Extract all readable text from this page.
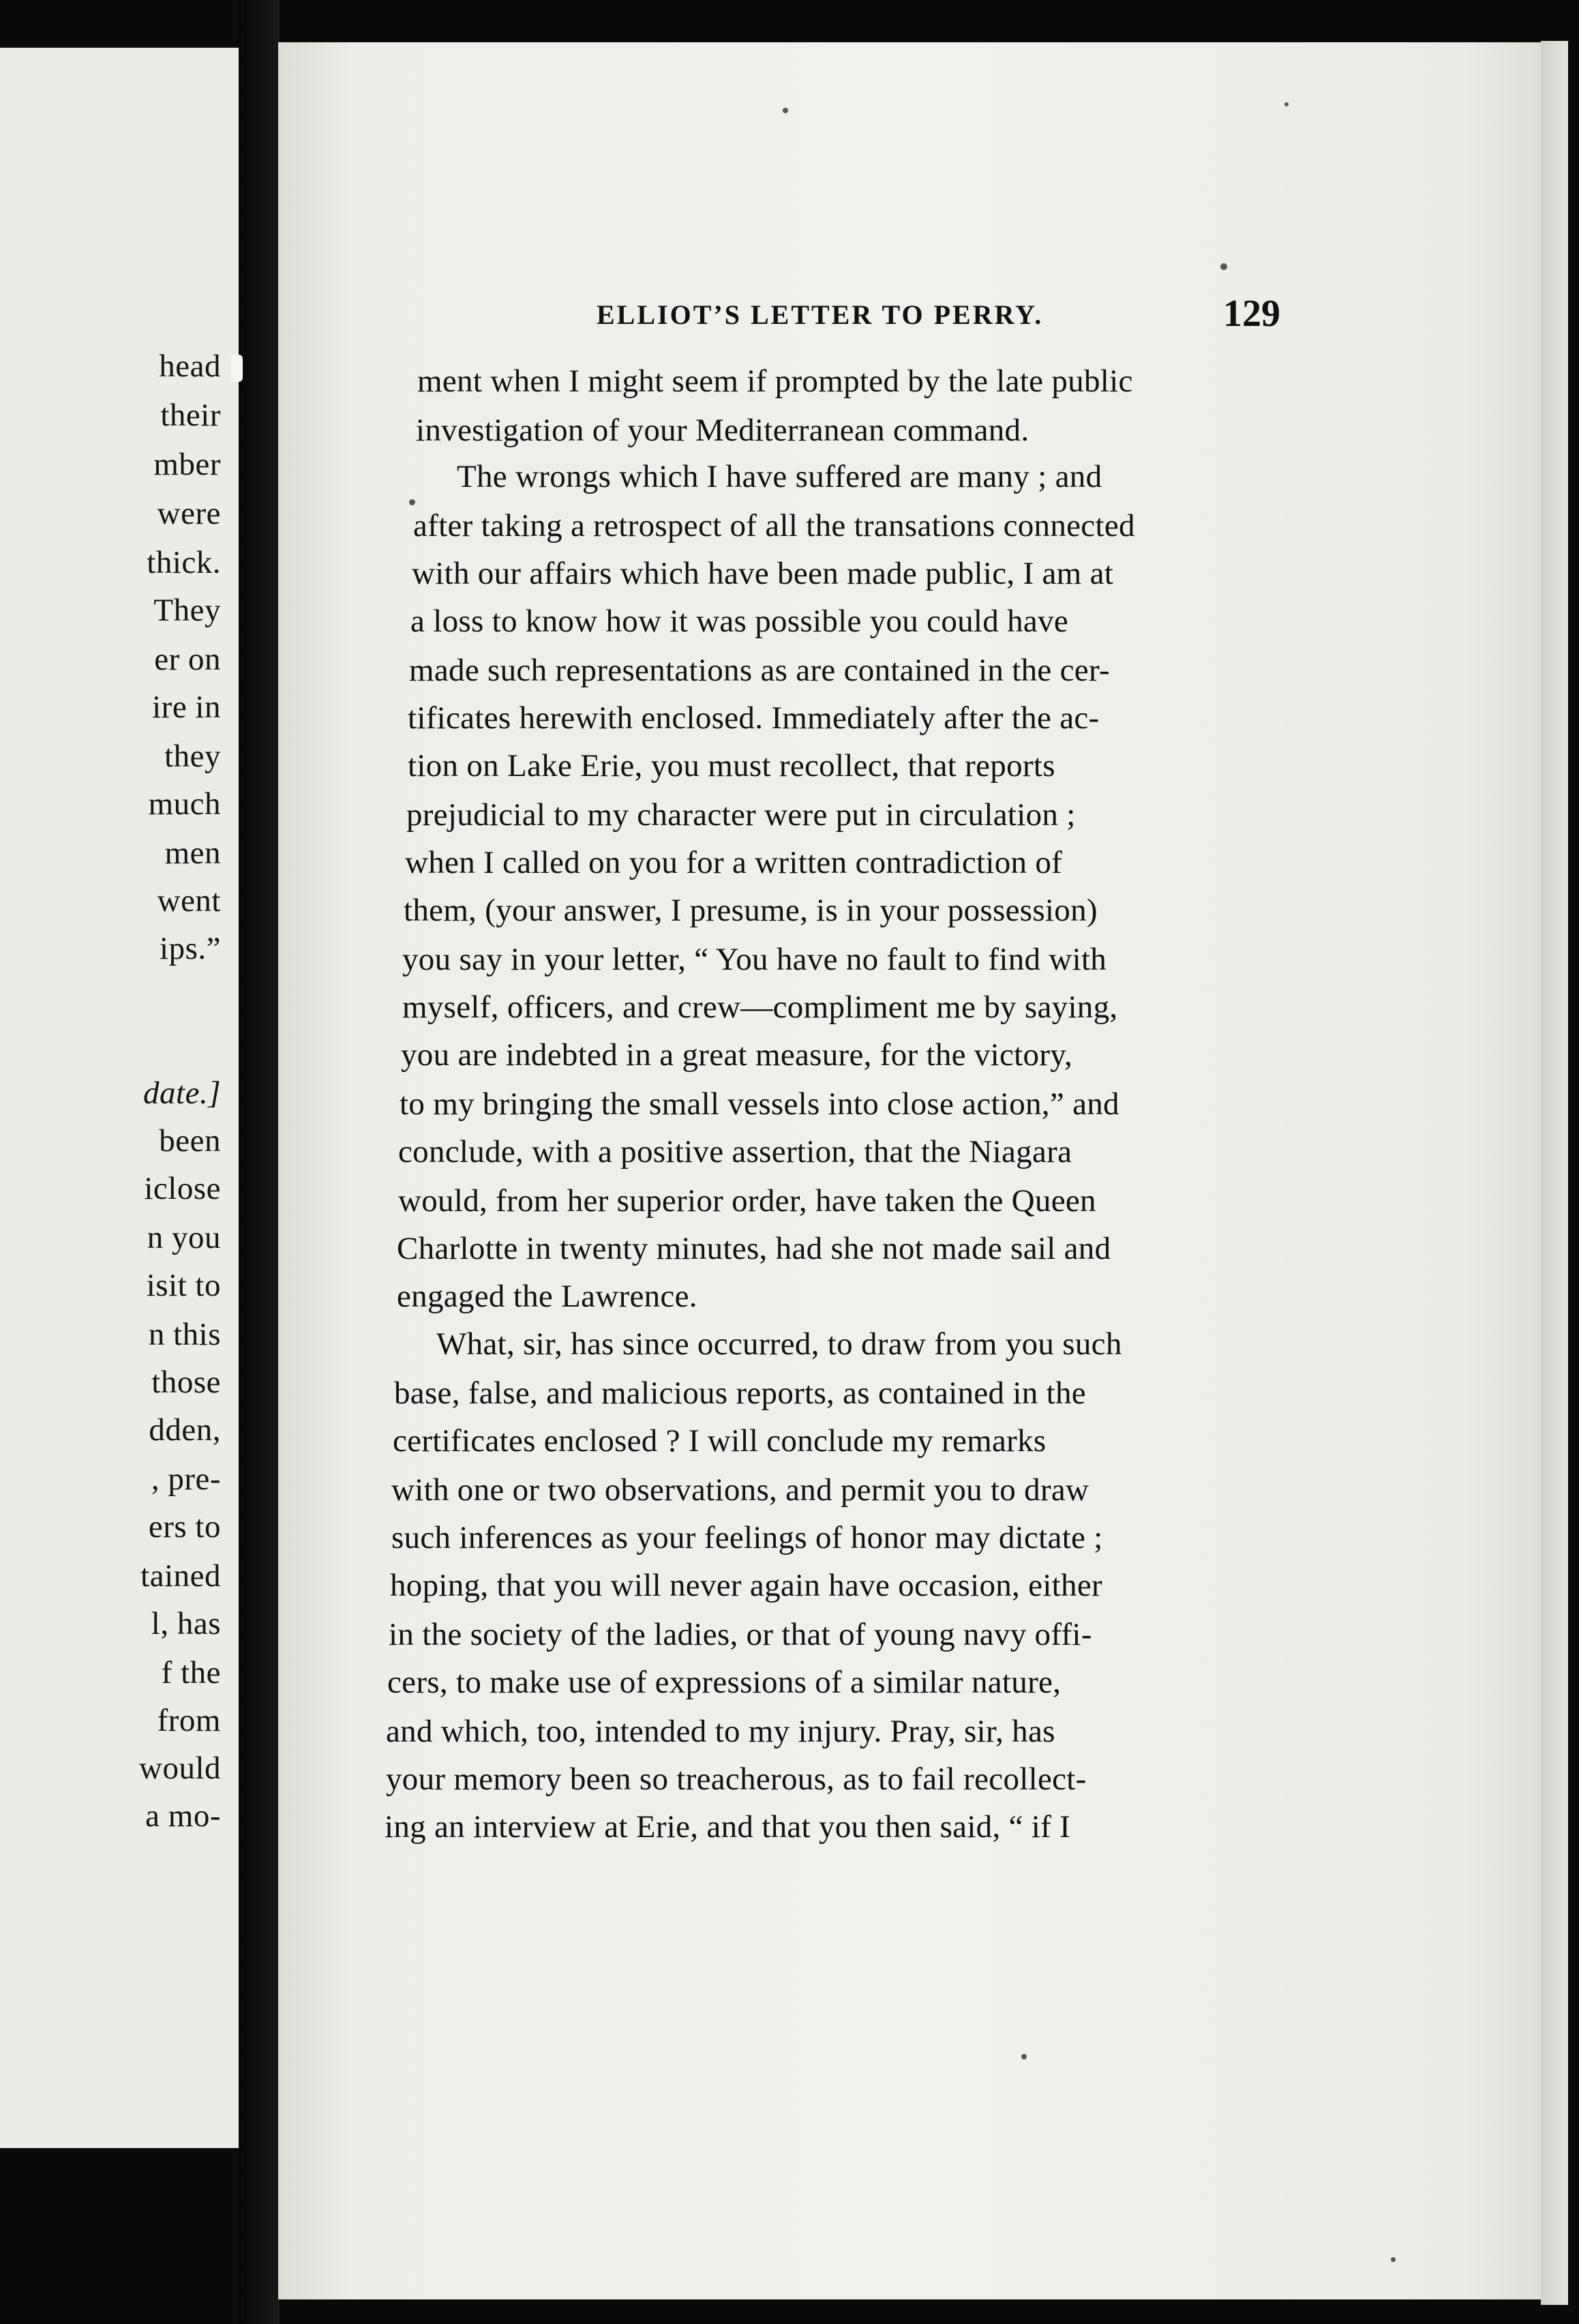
head
their
mber
were
thick.
They
er on
ire in
they
much
men
went
ips.”
date.]
been
iclose
n you
isit to
n this
those
dden,
, pre-
ers to
tained
l, has
f the
from
would
a mo-
ELLIOT’S LETTER TO PERRY.	129
ment when I might seem if prompted by the late public
investigation of your Mediterranean command.
The wrongs which I have suffered are many ; and
after taking a retrospect of all the transations connected
with our affairs which have been made public, I am at
a loss to know how it was possible you could have
made such representations as are contained in the cer-
tificates herewith enclosed. Immediately after the ac-
tion on Lake Erie, you must recollect, that reports
prejudicial to my character were put in circulation ;
when I called on you for a written contradiction of
them, (your answer, I presume, is in your possession)
you say in your letter, “ You have no fault to find with
myself, officers, and crew—compliment me by saying,
you are indebted in a great measure, for the victory,
to my bringing the small vessels into close action,” and
conclude, with a positive assertion, that the Niagara
would, from her superior order, have taken the Queen
Charlotte in twenty minutes, had she not made sail and
engaged the Lawrence.
What, sir, has since occurred, to draw from you such
base, false, and malicious reports, as contained in the
certificates enclosed ? I will conclude my remarks
with one or two observations, and permit you to draw
such inferences as your feelings of honor may dictate ;
hoping, that you will never again have occasion, either
in the society of the ladies, or that of young navy offi-
cers, to make use of expressions of a similar nature,
and which, too, intended to my injury. Pray, sir, has
your memory been so treacherous, as to fail recollect-
ing an interview at Erie, and that you then said, “ if I
